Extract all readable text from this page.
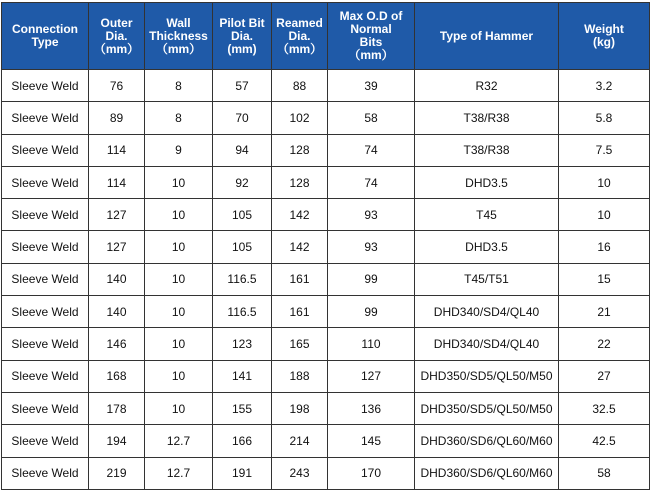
Connection
Type	Outer
Dia.
（mm）	Wall
Thickness
（mm）	Pilot Bit
Dia.
(mm)	Reamed
Dia.
（mm）	Max O.D of
Normal
Bits
（mm）	Type of Hammer	Weight
(kg)

Sleeve Weld	76	8	57	88	39	R32	3.2
Sleeve Weld	89	8	70	102	58	T38/R38	5.8
Sleeve Weld	114	9	94	128	74	T38/R38	7.5
Sleeve Weld	114	10	92	128	74	DHD3.5	10
Sleeve Weld	127	10	105	142	93	T45	10
Sleeve Weld	127	10	105	142	93	DHD3.5	16
Sleeve Weld	140	10	116.5	161	99	T45/T51	15
Sleeve Weld	140	10	116.5	161	99	DHD340/SD4/QL40	21
Sleeve Weld	146	10	123	165	110	DHD340/SD4/QL40	22
Sleeve Weld	168	10	141	188	127	DHD350/SD5/QL50/M50	27
Sleeve Weld	178	10	155	198	136	DHD350/SD5/QL50/M50	32.5
Sleeve Weld	194	12.7	166	214	145	DHD360/SD6/QL60/M60	42.5
Sleeve Weld	219	12.7	191	243	170	DHD360/SD6/QL60/M60	58
